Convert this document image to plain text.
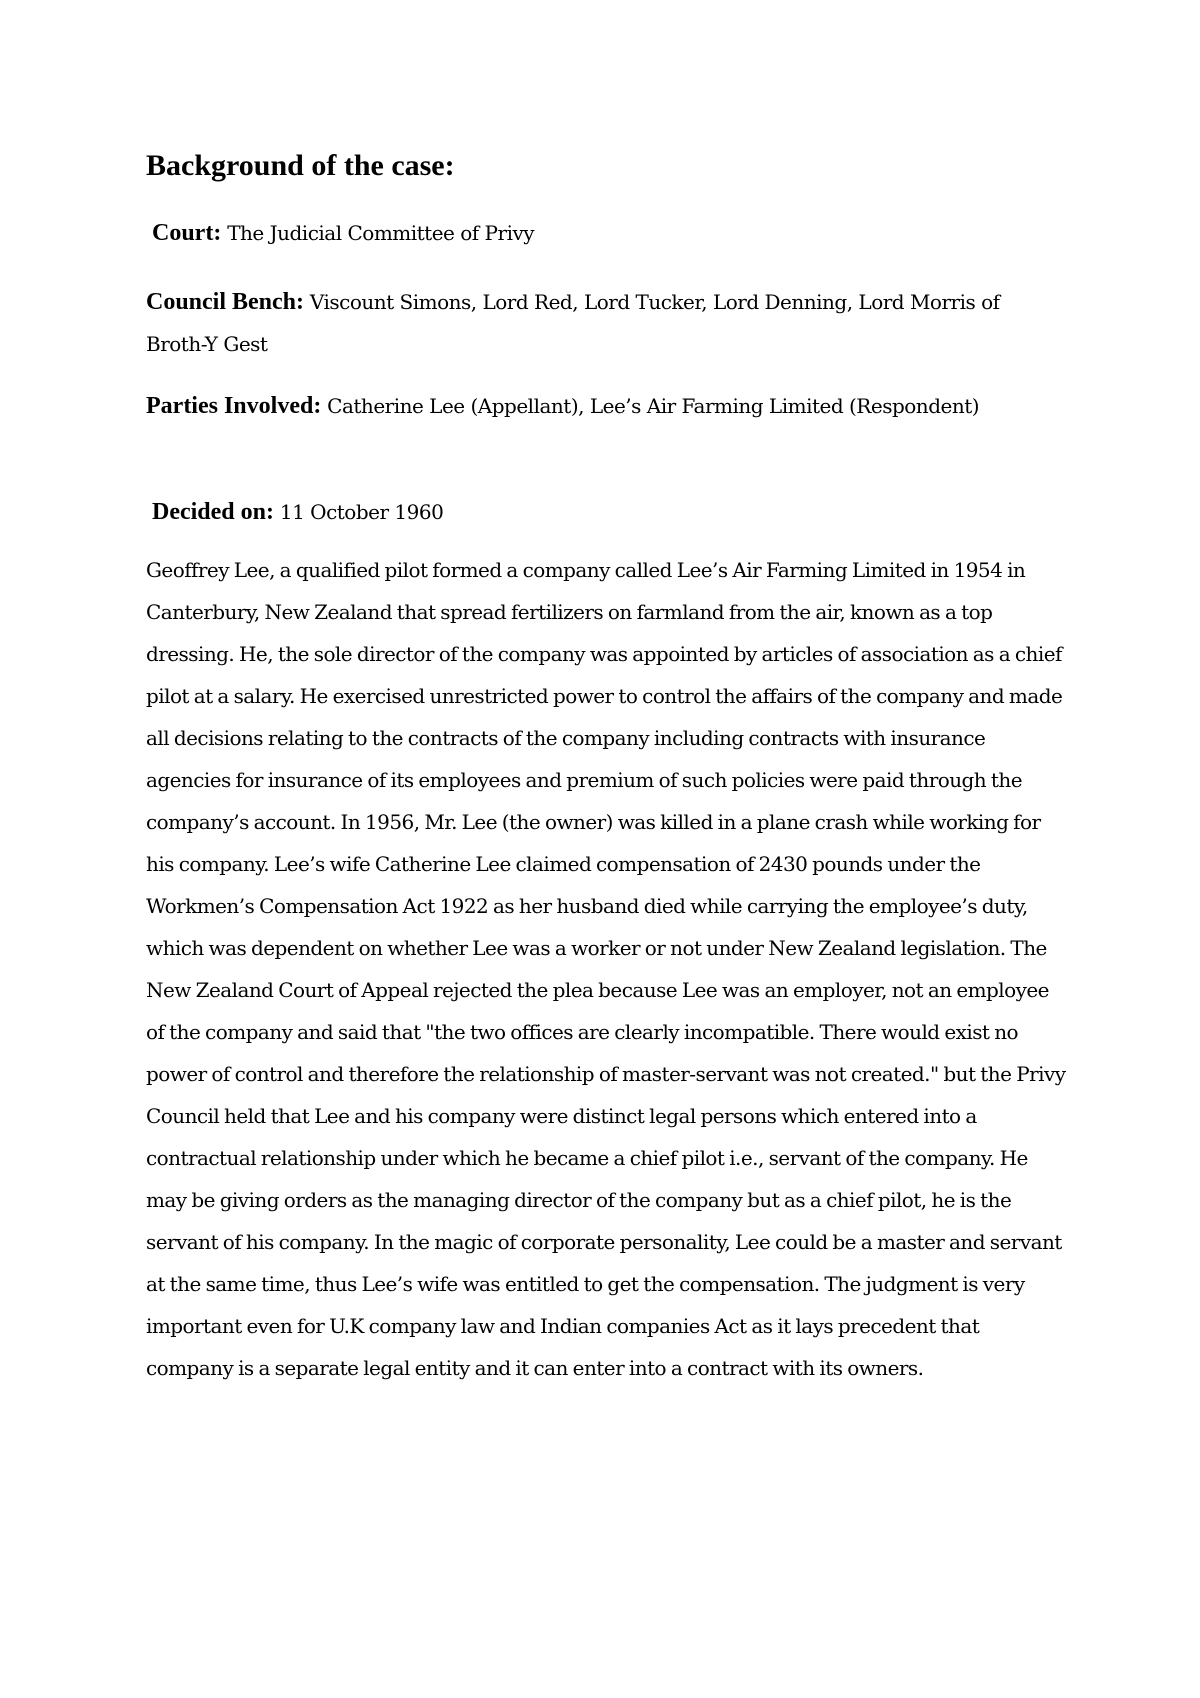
Background of the case:

Court: The Judicial Committee of Privy

Council Bench: Viscount Simons, Lord Red, Lord Tucker, Lord Denning, Lord Morris of Broth-Y Gest

Parties Involved: Catherine Lee (Appellant), Lee’s Air Farming Limited (Respondent)

Decided on: 11 October 1960

Geoffrey Lee, a qualified pilot formed a company called Lee’s Air Farming Limited in 1954 in Canterbury, New Zealand that spread fertilizers on farmland from the air, known as a top dressing. He, the sole director of the company was appointed by articles of association as a chief pilot at a salary. He exercised unrestricted power to control the affairs of the company and made all decisions relating to the contracts of the company including contracts with insurance agencies for insurance of its employees and premium of such policies were paid through the company’s account. In 1956, Mr. Lee (the owner) was killed in a plane crash while working for his company. Lee’s wife Catherine Lee claimed compensation of 2430 pounds under the Workmen’s Compensation Act 1922 as her husband died while carrying the employee’s duty, which was dependent on whether Lee was a worker or not under New Zealand legislation. The New Zealand Court of Appeal rejected the plea because Lee was an employer, not an employee of the company and said that "the two offices are clearly incompatible. There would exist no power of control and therefore the relationship of master-servant was not created." but the Privy Council held that Lee and his company were distinct legal persons which entered into a contractual relationship under which he became a chief pilot i.e., servant of the company. He may be giving orders as the managing director of the company but as a chief pilot, he is the servant of his company. In the magic of corporate personality, Lee could be a master and servant at the same time, thus Lee’s wife was entitled to get the compensation. The judgment is very important even for U.K company law and Indian companies Act as it lays precedent that company is a separate legal entity and it can enter into a contract with its owners.
